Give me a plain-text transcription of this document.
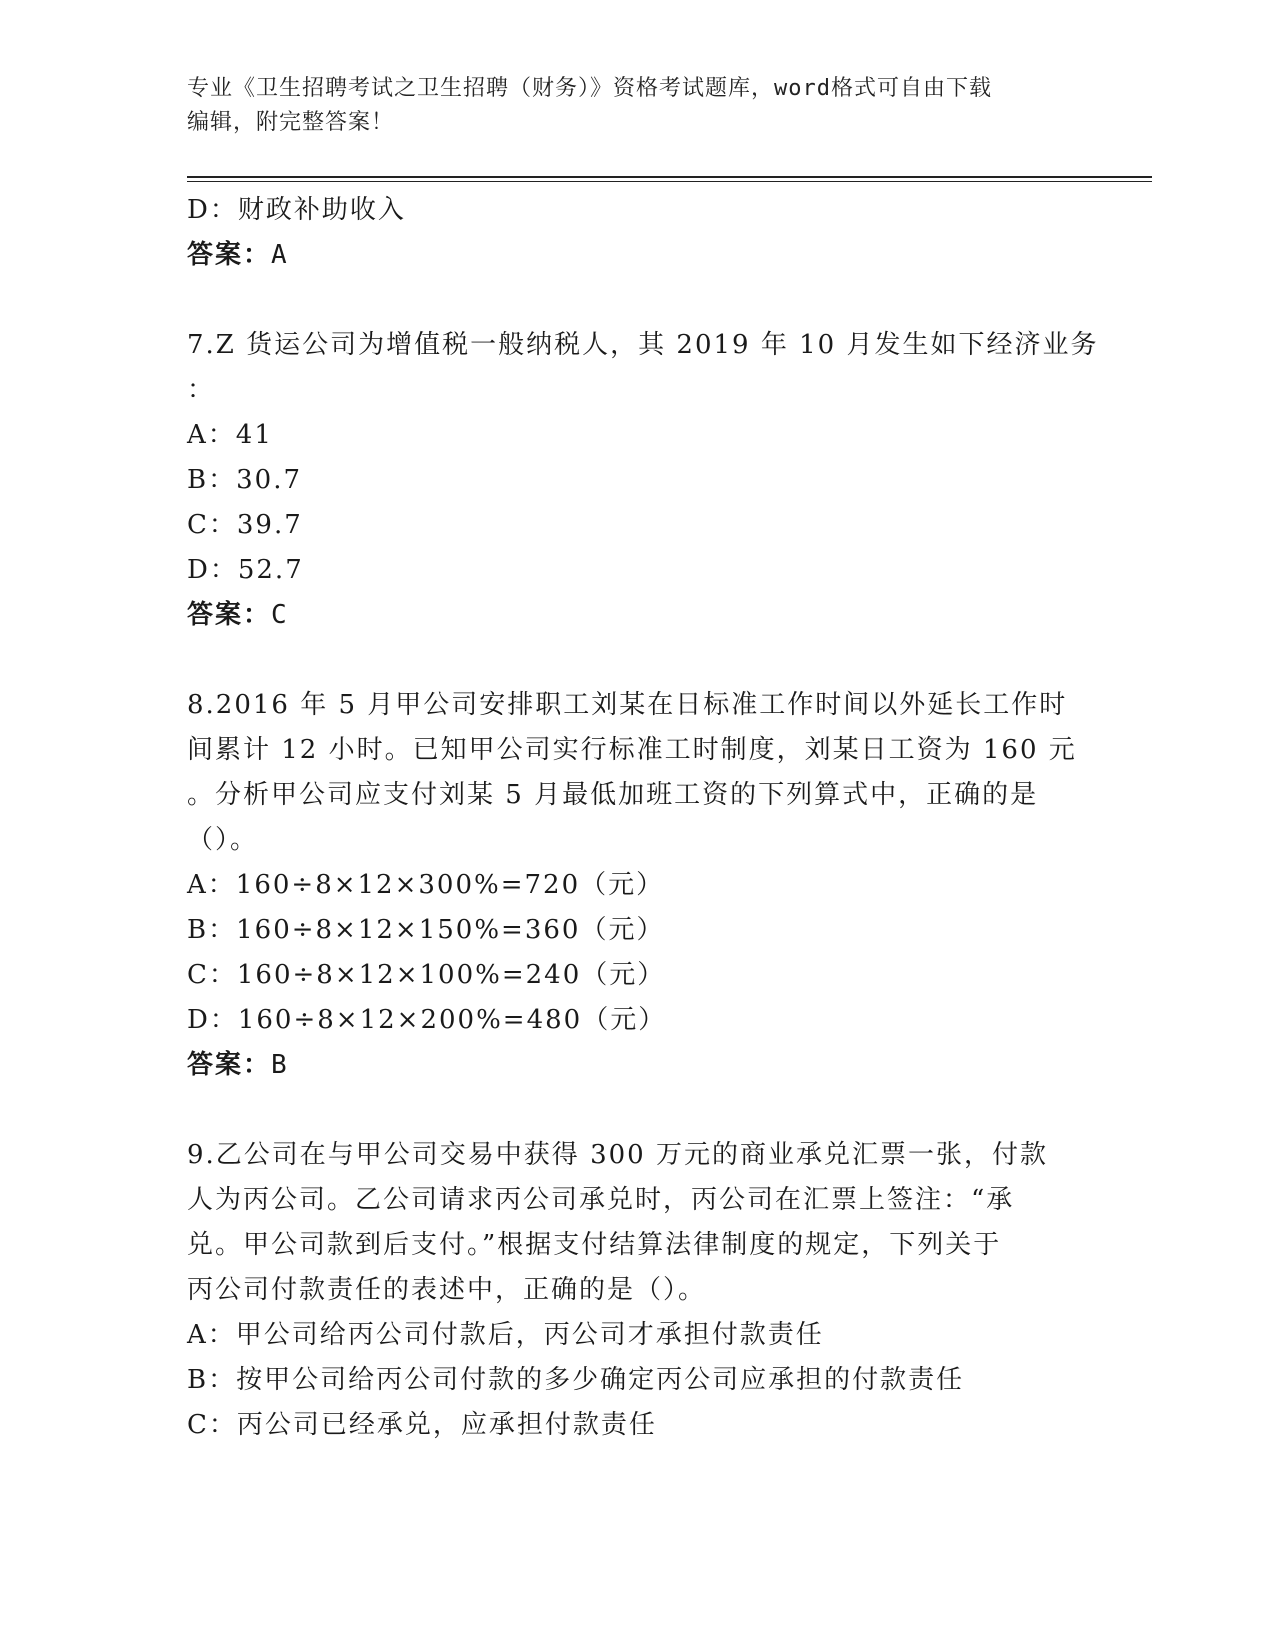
专业《卫生招聘考试之卫生招聘（财务）》资格考试题库，word格式可自由下载
编辑，附完整答案！
D：财政补助收入
答案：A
7.Z 货运公司为增值税一般纳税人，其 2019 年 10 月发生如下经济业务
：
A：41
B：30.7
C：39.7
D：52.7
答案：C
8.2016 年 5 月甲公司安排职工刘某在日标准工作时间以外延长工作时
间累计 12 小时。已知甲公司实行标准工时制度，刘某日工资为 160 元
。分析甲公司应支付刘某 5 月最低加班工资的下列算式中，正确的是
（）。
A：160÷8×12×300%=720（元）
B：160÷8×12×150%=360（元）
C：160÷8×12×100%=240（元）
D：160÷8×12×200%=480（元）
答案：B
9.乙公司在与甲公司交易中获得 300 万元的商业承兑汇票一张，付款
人为丙公司。乙公司请求丙公司承兑时，丙公司在汇票上签注：“承
兑。甲公司款到后支付。”根据支付结算法律制度的规定，下列关于
丙公司付款责任的表述中，正确的是（）。
A：甲公司给丙公司付款后，丙公司才承担付款责任
B：按甲公司给丙公司付款的多少确定丙公司应承担的付款责任
C：丙公司已经承兑，应承担付款责任
